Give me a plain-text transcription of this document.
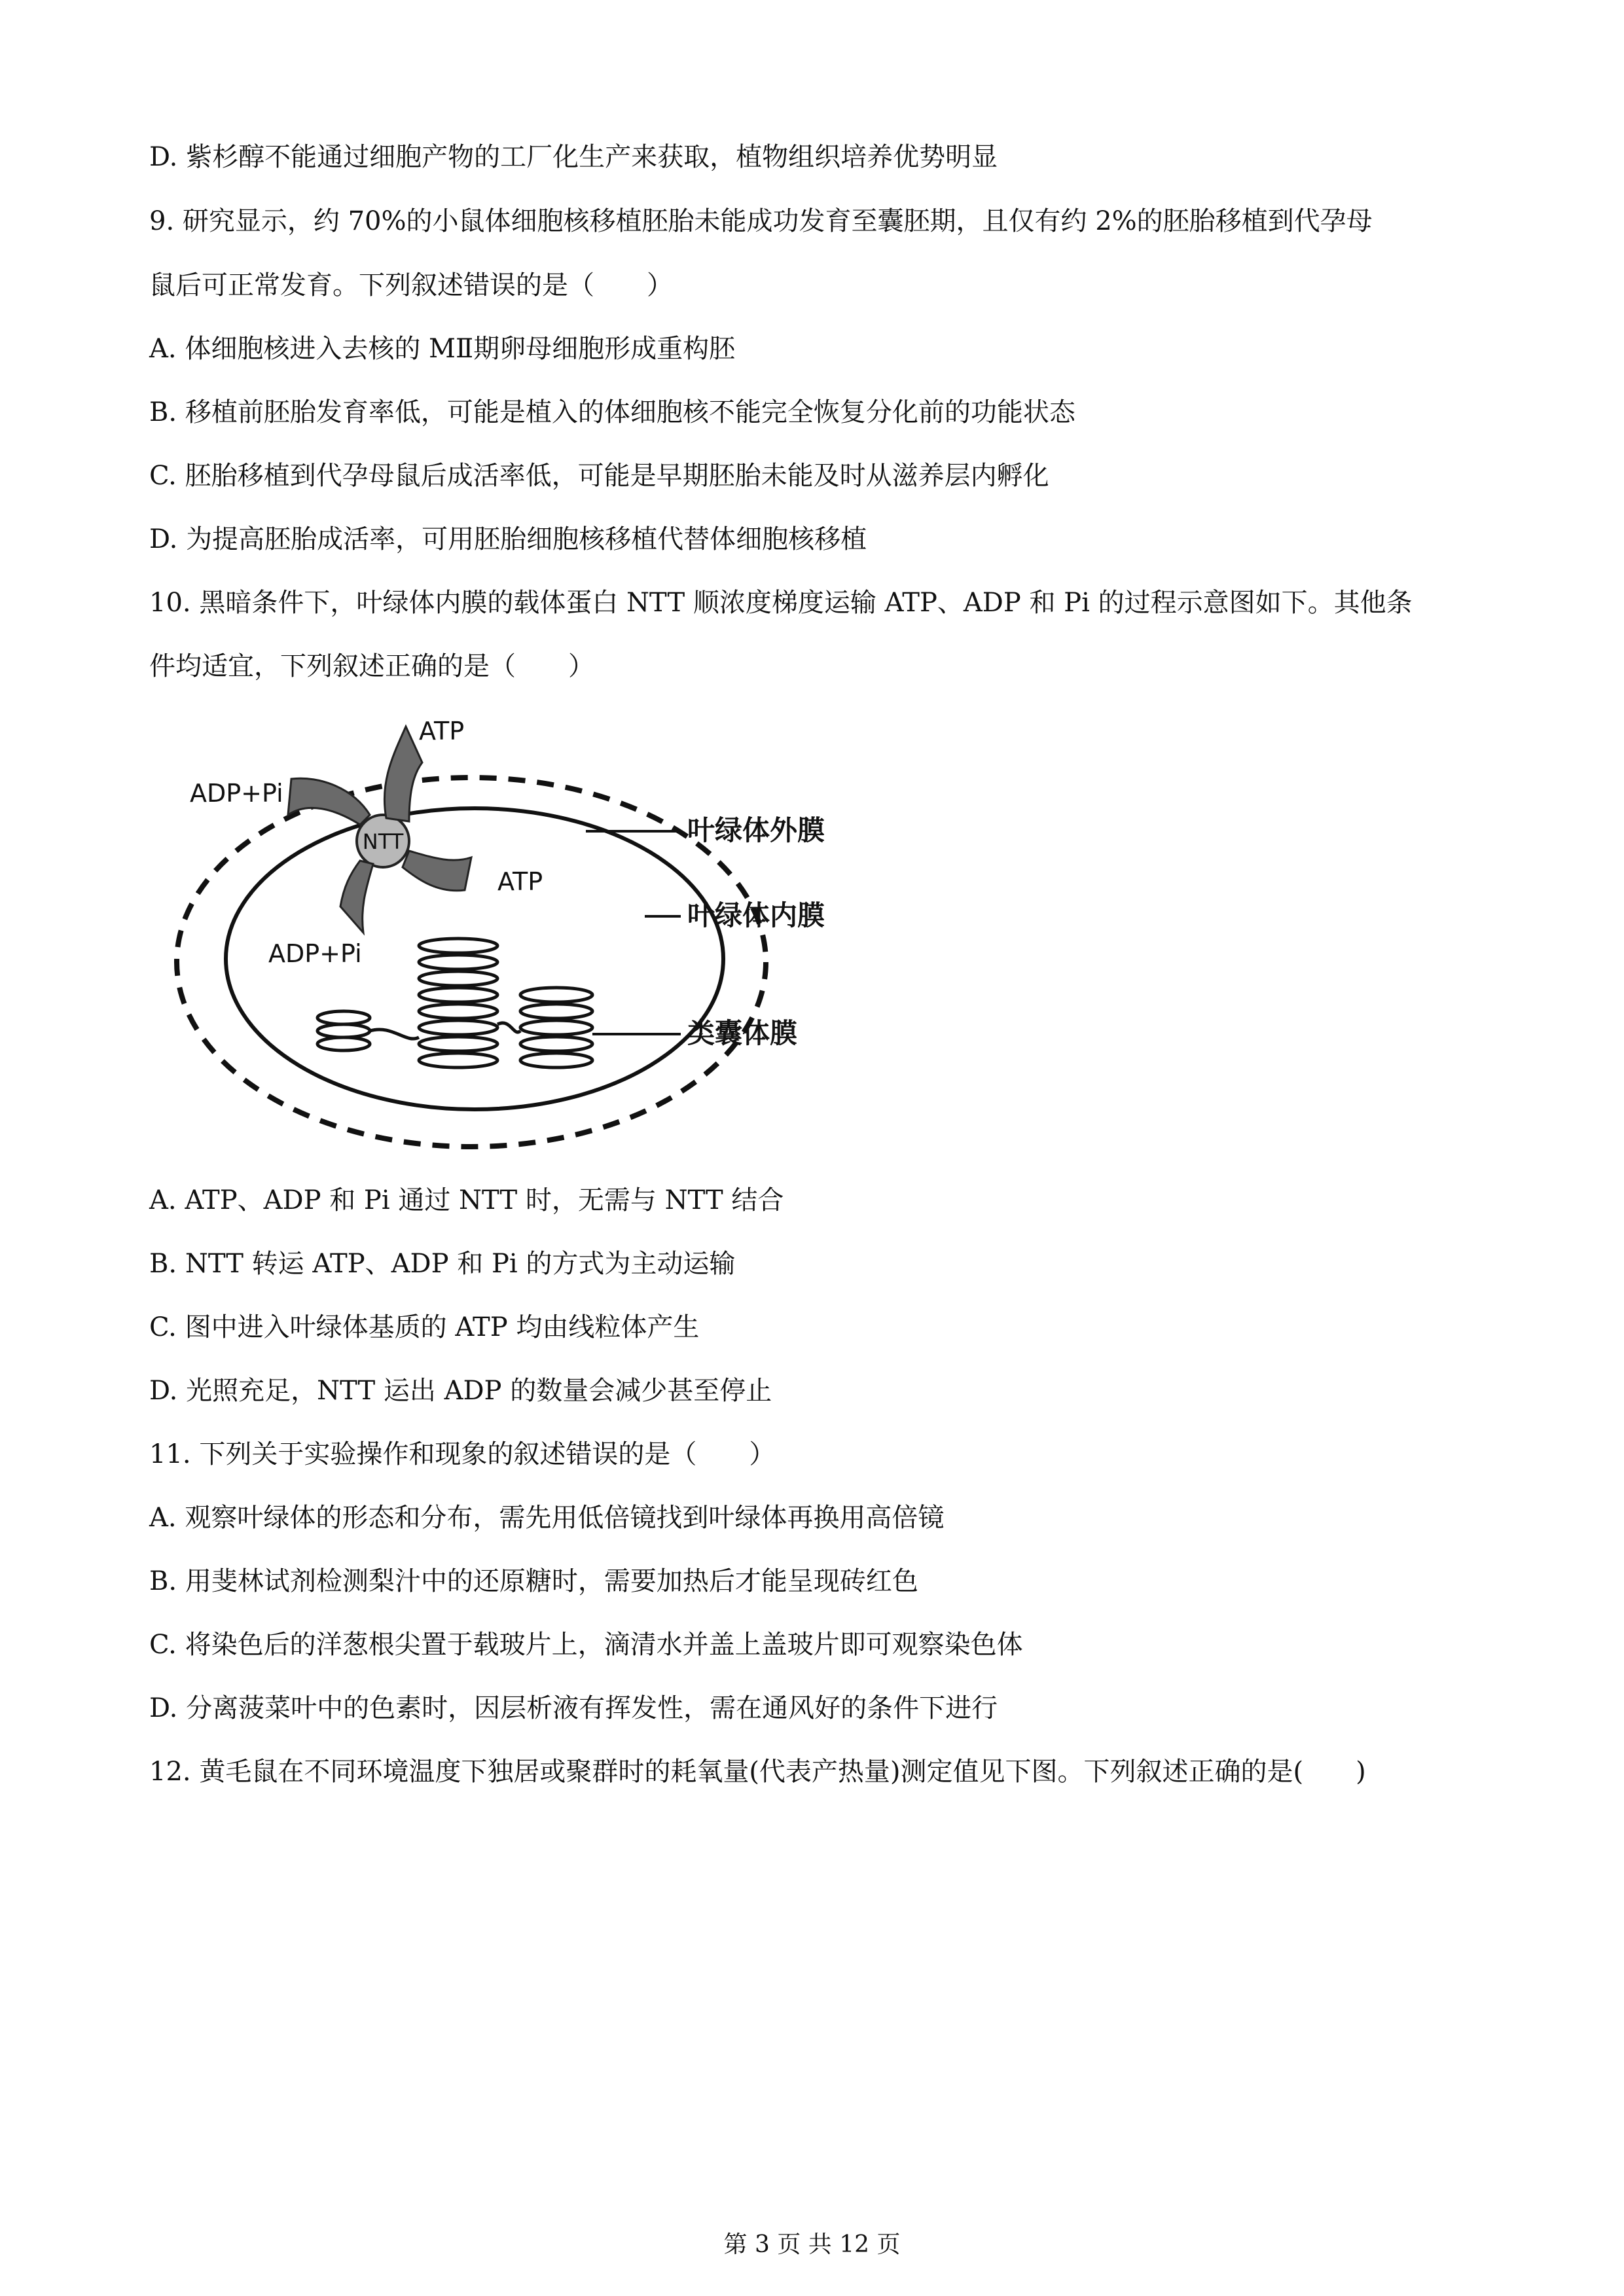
D. 紫杉醇不能通过细胞产物的工厂化生产来获取，植物组织培养优势明显
9. 研究显示，约 70%的小鼠体细胞核移植胚胎未能成功发育至囊胚期，且仅有约 2%的胚胎移植到代孕母
鼠后可正常发育。下列叙述错误的是（　　）
A. 体细胞核进入去核的 MⅡ期卵母细胞形成重构胚
B. 移植前胚胎发育率低，可能是植入的体细胞核不能完全恢复分化前的功能状态
C. 胚胎移植到代孕母鼠后成活率低，可能是早期胚胎未能及时从滋养层内孵化
D. 为提高胚胎成活率，可用胚胎细胞核移植代替体细胞核移植
10. 黑暗条件下，叶绿体内膜的载体蛋白 NTT 顺浓度梯度运输 ATP、ADP 和 Pi 的过程示意图如下。其他条
件均适宜，下列叙述正确的是（　　）
ATP
ADP+Pi
NTT
ATP
ADP+Pi
叶绿体外膜
叶绿体内膜
类囊体膜
A. ATP、ADP 和 Pi 通过 NTT 时，无需与 NTT 结合
B. NTT 转运 ATP、ADP 和 Pi 的方式为主动运输
C. 图中进入叶绿体基质的 ATP 均由线粒体产生
D. 光照充足，NTT 运出 ADP 的数量会减少甚至停止
11. 下列关于实验操作和现象的叙述错误的是（　　）
A. 观察叶绿体的形态和分布，需先用低倍镜找到叶绿体再换用高倍镜
B. 用斐林试剂检测梨汁中的还原糖时，需要加热后才能呈现砖红色
C. 将染色后的洋葱根尖置于载玻片上，滴清水并盖上盖玻片即可观察染色体
D. 分离菠菜叶中的色素时，因层析液有挥发性，需在通风好的条件下进行
12. 黄毛鼠在不同环境温度下独居或聚群时的耗氧量(代表产热量)测定值见下图。下列叙述正确的是(　　)
第 3 页 共 12 页
